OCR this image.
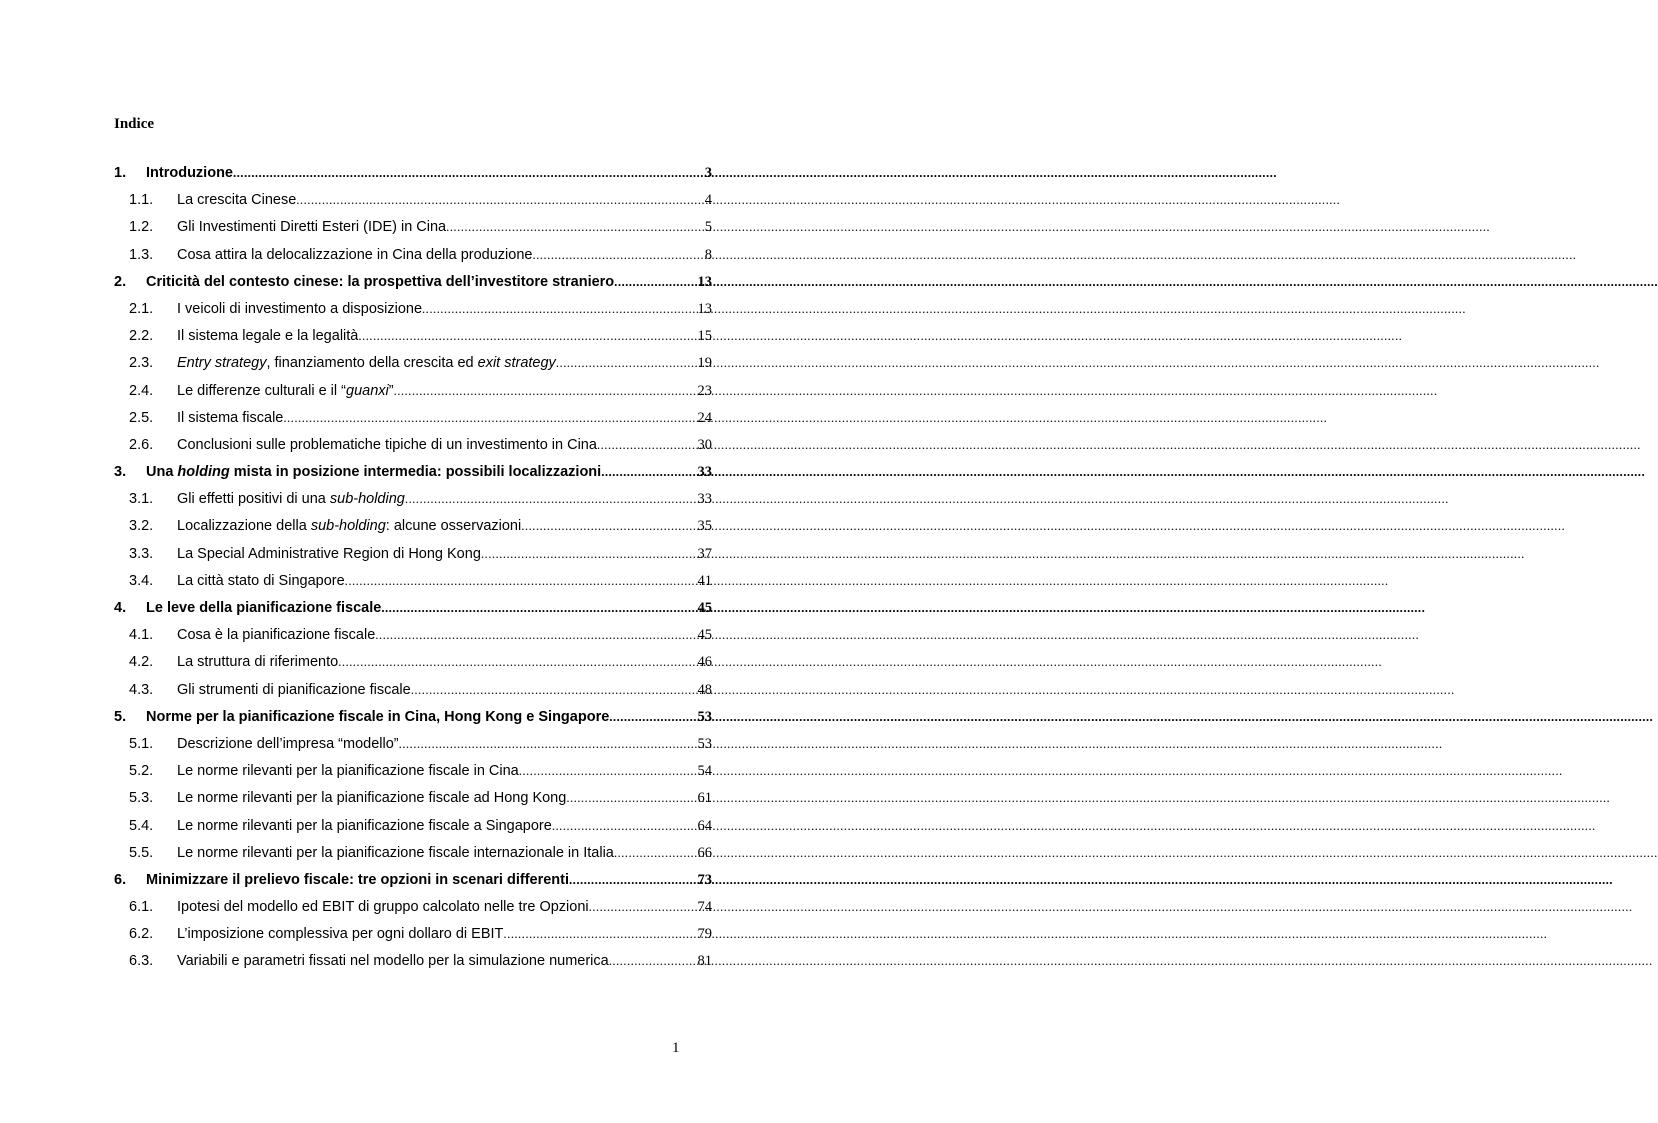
Indice
1.	Introduzione .....	3
1.1.	La crescita Cinese .....	4
1.2.	Gli Investimenti Diretti Esteri (IDE) in Cina .....	5
1.3.	Cosa attira la delocalizzazione in Cina della produzione .....	8
2.	Criticità del contesto cinese: la prospettiva dell’investitore straniero .....	13
2.1.	I veicoli di investimento a disposizione .....	13
2.2.	Il sistema legale e la legalità .....	15
2.3.	Entry strategy, finanziamento della crescita ed exit strategy .....	19
2.4.	Le differenze culturali e il “guanxi” .....	23
2.5.	Il sistema fiscale .....	24
2.6.	Conclusioni sulle problematiche tipiche di un investimento in Cina .....	30
3.	Una holding mista in posizione intermedia: possibili localizzazioni .....	33
3.1.	Gli effetti positivi di una sub-holding .....	33
3.2.	Localizzazione della sub-holding: alcune osservazioni .....	35
3.3.	La Special Administrative Region di Hong Kong .....	37
3.4.	La città stato di Singapore .....	41
4.	Le leve della pianificazione fiscale .....	45
4.1.	Cosa è la pianificazione fiscale .....	45
4.2.	La struttura di riferimento .....	46
4.3.	Gli strumenti di pianificazione fiscale .....	48
5.	Norme per la pianificazione fiscale in Cina, Hong Kong e Singapore .....	53
5.1.	Descrizione dell’impresa “modello” .....	53
5.2.	Le norme rilevanti per la pianificazione fiscale in Cina .....	54
5.3.	Le norme rilevanti per la pianificazione fiscale ad Hong Kong .....	61
5.4.	Le norme rilevanti per la pianificazione fiscale a Singapore .....	64
5.5.	Le norme rilevanti per la pianificazione fiscale internazionale in Italia .....	66
6.	Minimizzare il prelievo fiscale: tre opzioni in scenari differenti .....	73
6.1.	Ipotesi del modello ed EBIT di gruppo calcolato nelle tre Opzioni .....	74
6.2.	L’imposizione complessiva per ogni dollaro di EBIT .....	79
6.3.	Variabili e parametri fissati nel modello per la simulazione numerica .....	81
1
